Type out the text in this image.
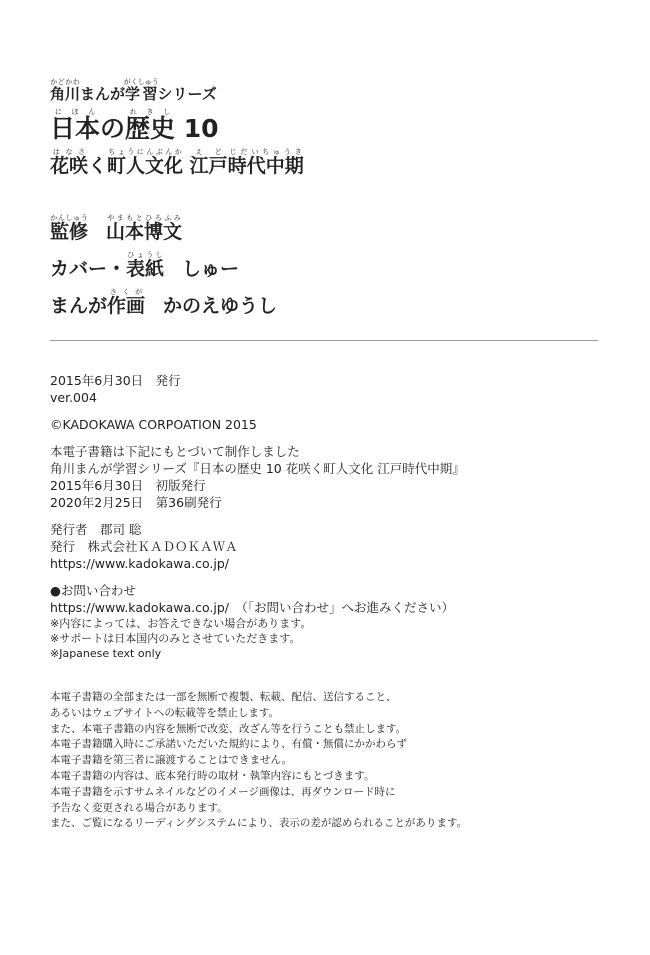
角川かどかわまんが学習がくしゅうシリーズ
日本にほんの歴史れきし 10
花咲はなさく町人文化ちょうにんぶんか 江戸えど時代中期じだいちゅうき
監修かんしゅう山本博文やまもとひろふみ
カバー・表紙ひょうししゅー
まんが作画さくがかのえゆうし
2015年6月30日　発行
ver.004
©KADOKAWA CORPOATION 2015
本電子書籍は下記にもとづいて制作しました
角川まんが学習シリーズ『日本の歴史 10 花咲く町人文化 江戸時代中期』
2015年6月30日　初版発行
2020年2月25日　第36刷発行
発行者　郡司 聡
発行　株式会社ＫＡＤＯＫＡＷＡ
https://www.kadokawa.co.jp/
●お問い合わせ
https://www.kadokawa.co.jp/　（「お問い合わせ」へお進みください）
※内容によっては、お答えできない場合があります。
※サポートは日本国内のみとさせていただきます。
※Japanese text only
本電子書籍の全部または一部を無断で複製、転載、配信、送信すること、
あるいはウェブサイトへの転載等を禁止します。
また、本電子書籍の内容を無断で改変、改ざん等を行うことも禁止します。
本電子書籍購入時にご承諾いただいた規約により、有償・無償にかかわらず
本電子書籍を第三者に譲渡することはできません。
本電子書籍の内容は、底本発行時の取材・執筆内容にもとづきます。
本電子書籍を示すサムネイルなどのイメージ画像は、再ダウンロード時に
予告なく変更される場合があります。
また、ご覧になるリーディングシステムにより、表示の差が認められることがあります。
